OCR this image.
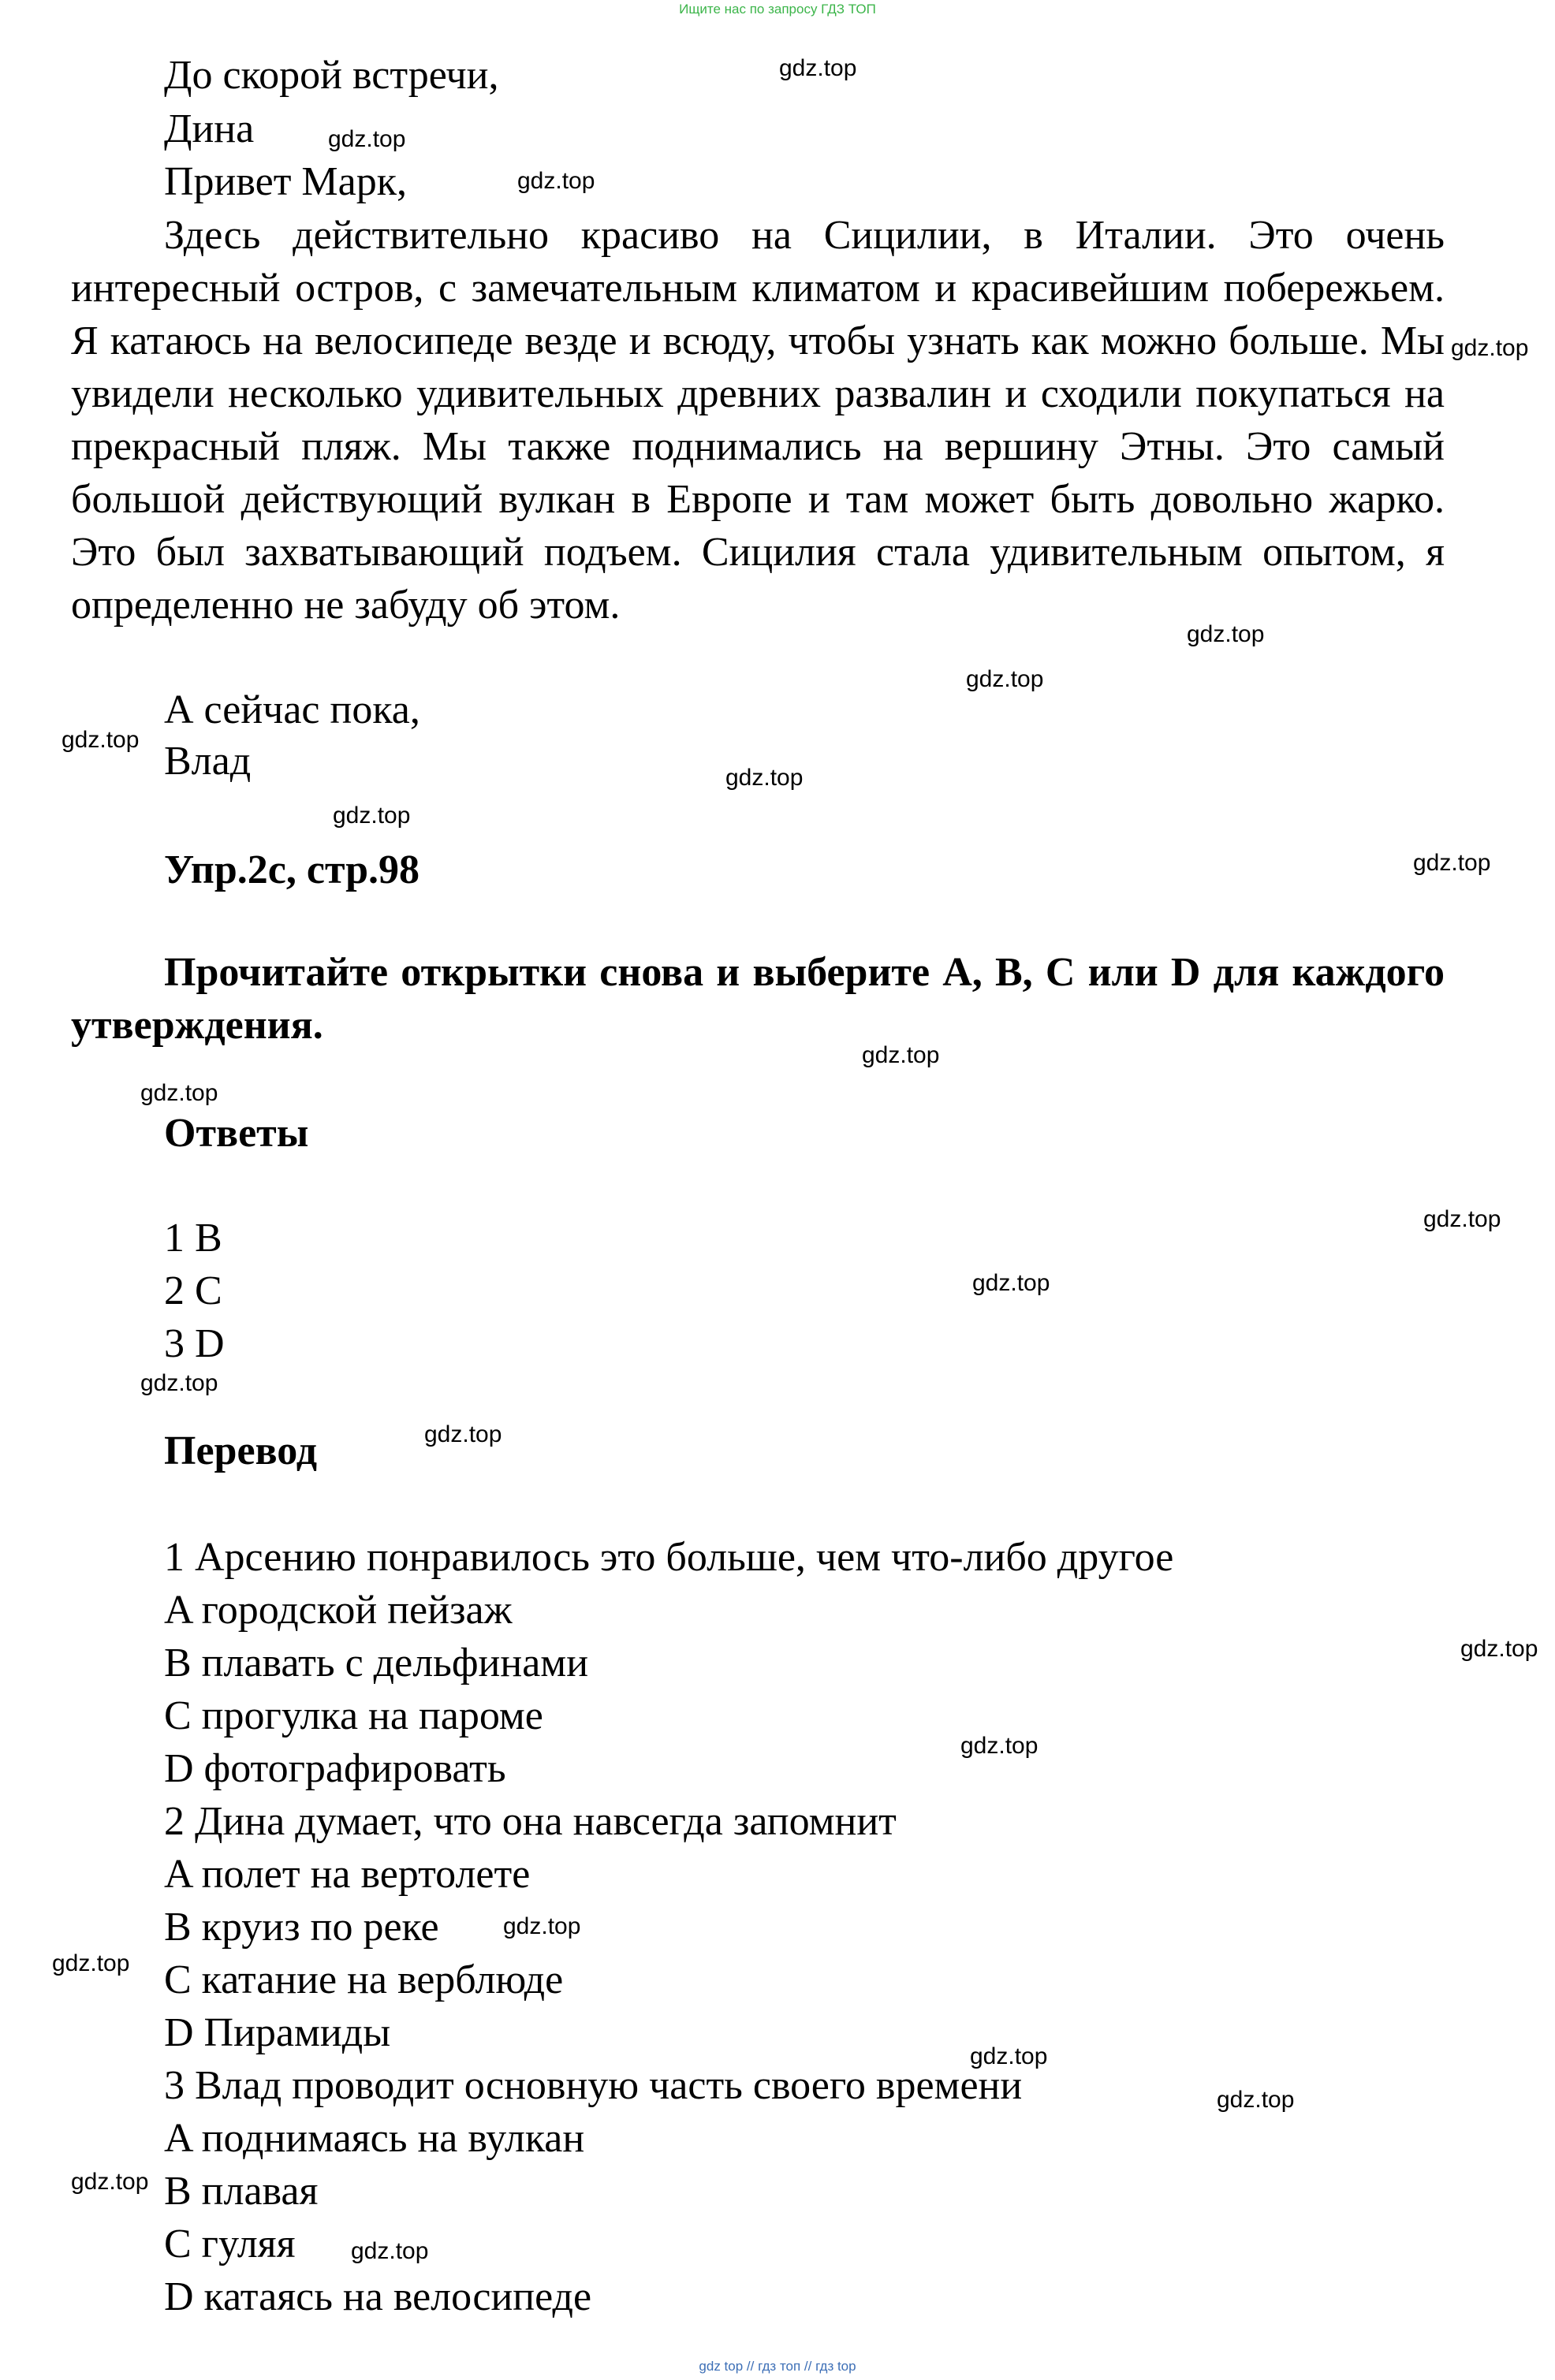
Ищите нас по запросу ГДЗ ТОП
До скорой встречи,
Дина
Привет Марк,
Здесь действительно красиво на Сицилии, в Италии. Это очень интересный остров, с замечательным климатом и красивейшим побережьем. Я катаюсь на велосипеде везде и всюду, чтобы узнать как можно больше. Мы увидели несколько удивительных древних развалин и сходили покупаться на прекрасный пляж. Мы также поднимались на вершину Этны. Это самый большой действующий вулкан в Европе и там может быть довольно жарко. Это был захватывающий подъем. Сицилия стала удивительным опытом, я определенно не забуду об этом.
А сейчас пока,
Влад
Упр.2c, стр.98
Прочитайте открытки снова и выберите A, B, C или D для каждого утверждения.
Ответы
1 B
2 C
3 D
Перевод
1 Арсению понравилось это больше, чем что-либо другое
A городской пейзаж
B плавать с дельфинами
C прогулка на пароме
D фотографировать
2 Дина думает, что она навсегда запомнит
A полет на вертолете
B круиз по реке
C катание на верблюде
D Пирамиды
3 Влад проводит основную часть своего времени
A поднимаясь на вулкан
B плавая
C гуляя
D катаясь на велосипеде
gdz.top
gdz.top
gdz.top
gdz.top
gdz.top
gdz.top
gdz.top
gdz.top
gdz.top
gdz.top
gdz.top
gdz.top
gdz.top
gdz.top
gdz.top
gdz.top
gdz.top
gdz.top
gdz.top
gdz.top
gdz.top
gdz.top
gdz.top
gdz.top
gdz top // гдз топ // гдз top
